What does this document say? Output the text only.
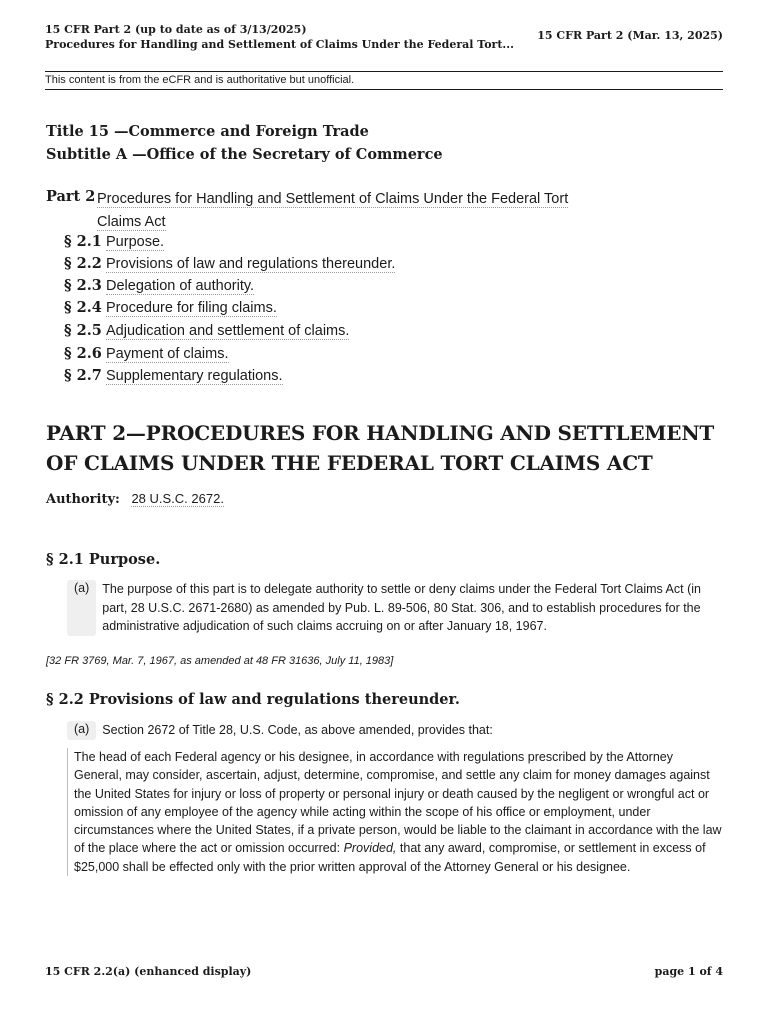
15 CFR Part 2 (up to date as of 3/13/2025)
Procedures for Handling and Settlement of Claims Under the Federal Tort...
15 CFR Part 2 (Mar. 13, 2025)
This content is from the eCFR and is authoritative but unofficial.
Title 15 —Commerce and Foreign Trade
Subtitle A —Office of the Secretary of Commerce
Part 2 Procedures for Handling and Settlement of Claims Under the Federal Tort Claims Act
§ 2.1 Purpose.
§ 2.2 Provisions of law and regulations thereunder.
§ 2.3 Delegation of authority.
§ 2.4 Procedure for filing claims.
§ 2.5 Adjudication and settlement of claims.
§ 2.6 Payment of claims.
§ 2.7 Supplementary regulations.
PART 2—PROCEDURES FOR HANDLING AND SETTLEMENT OF CLAIMS UNDER THE FEDERAL TORT CLAIMS ACT
Authority: 28 U.S.C. 2672.
§ 2.1 Purpose.
(a)	The purpose of this part is to delegate authority to settle or deny claims under the Federal Tort Claims Act (in part, 28 U.S.C. 2671-2680) as amended by Pub. L. 89-506, 80 Stat. 306, and to establish procedures for the administrative adjudication of such claims accruing on or after January 18, 1967.
[32 FR 3769, Mar. 7, 1967, as amended at 48 FR 31636, July 11, 1983]
§ 2.2 Provisions of law and regulations thereunder.
(a)	Section 2672 of Title 28, U.S. Code, as above amended, provides that:
The head of each Federal agency or his designee, in accordance with regulations prescribed by the Attorney General, may consider, ascertain, adjust, determine, compromise, and settle any claim for money damages against the United States for injury or loss of property or personal injury or death caused by the negligent or wrongful act or omission of any employee of the agency while acting within the scope of his office or employment, under circumstances where the United States, if a private person, would be liable to the claimant in accordance with the law of the place where the act or omission occurred: Provided, that any award, compromise, or settlement in excess of $25,000 shall be effected only with the prior written approval of the Attorney General or his designee.
15 CFR 2.2(a) (enhanced display)	page 1 of 4
